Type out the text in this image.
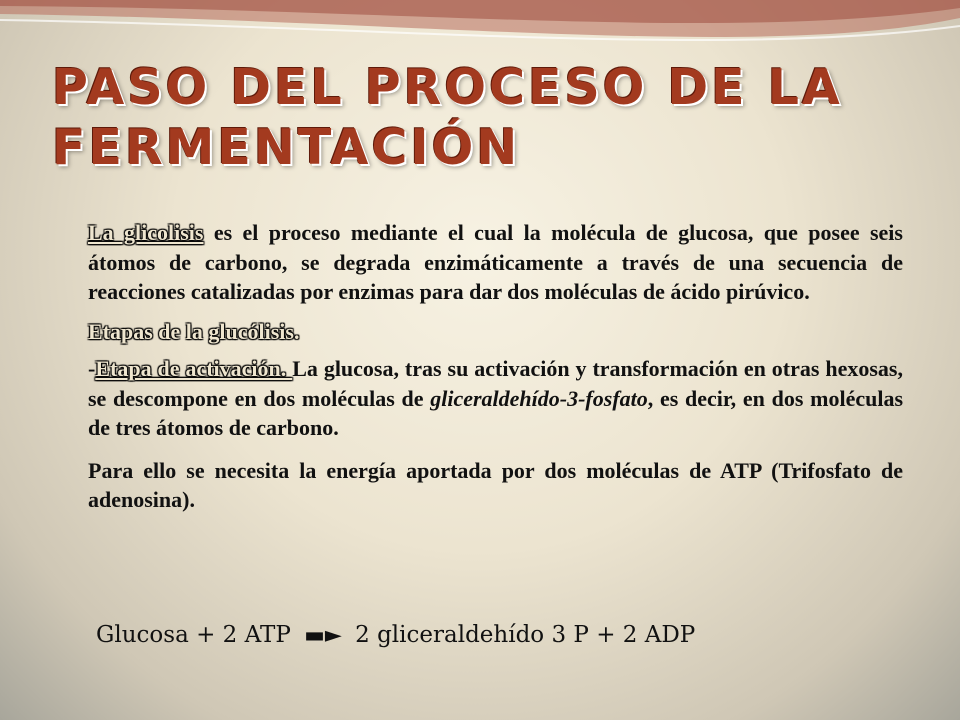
PASO DEL PROCESO DE LA FERMENTACIÓN

La glicolisis es el proceso mediante el cual la molécula de glucosa, que posee seis átomos de carbono, se degrada enzimáticamente a través de una secuencia de reacciones catalizadas por enzimas para dar dos moléculas de ácido pirúvico.

Etapas de la glucólisis.

-Etapa de activación. La glucosa, tras su activación y transformación en otras hexosas, se descompone en dos moléculas de gliceraldehído-3-fosfato, es decir, en dos moléculas de tres átomos de carbono.

Para ello se necesita la energía aportada por dos moléculas de ATP (Trifosfato de adenosina).

Glucosa + 2 ATP ▬► 2 gliceraldehído 3 P + 2 ADP
